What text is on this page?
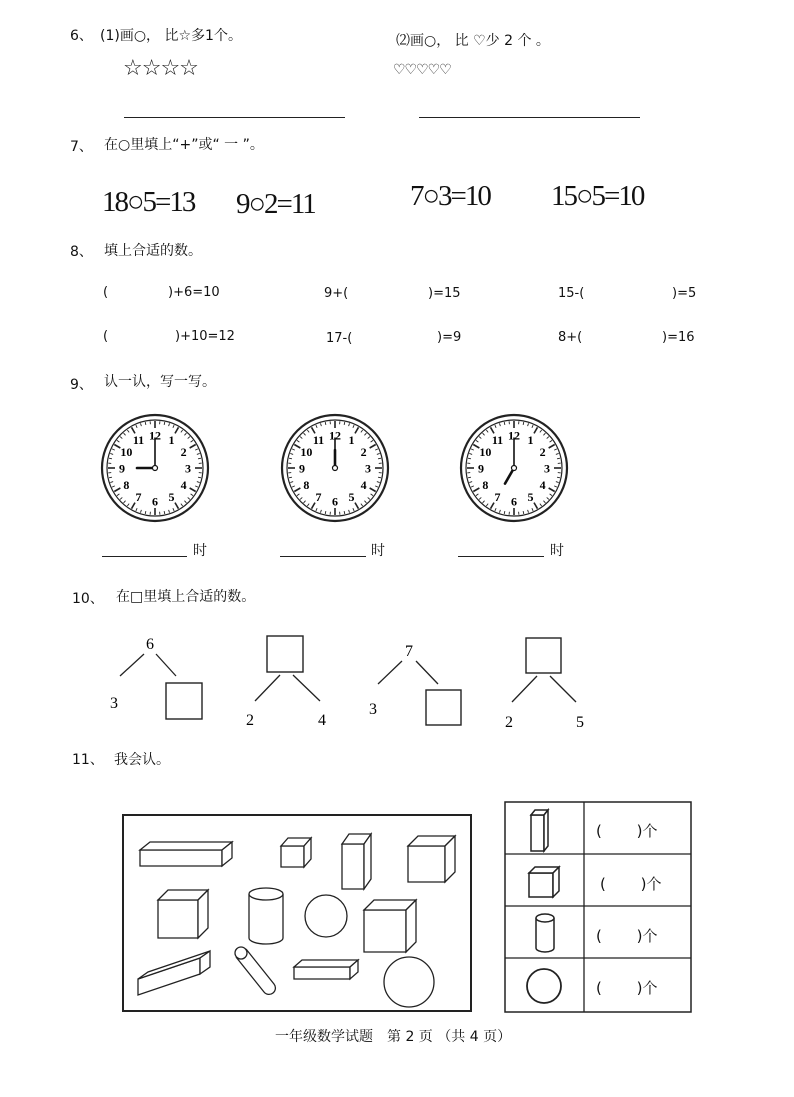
6、 (1)画○， 比☆多1个。
☆☆☆☆
⑵画○， 比 ♡少 2 个 。
♡♡♡♡♡
7、 在○里填上“+”或“ 一 ”。
18○5=13 9○2=11	7○3=10 15○5=10
8、 填上合适的数。
(	)+6=10	9+(	)=15	15-(	)=5
(	)+10=12	17-(	)=9	8+(	)=16
9、 认一认，写一写。
1
2
3
4
5
6
7
8
9
10
11 12	1
2
3
4
5
6
7
8
9
10
11 12	1
2
3
4
5
6
7
8
9
10
11 12
时	时	时
10、 在□里填上合适的数。
6
3
2	4
7
3
2	5
11、 我会认。
(　　 )个
(　　 )个
(　　 )个
(　　 )个
一年级数学试题　第 2 页 （共 4 页）
